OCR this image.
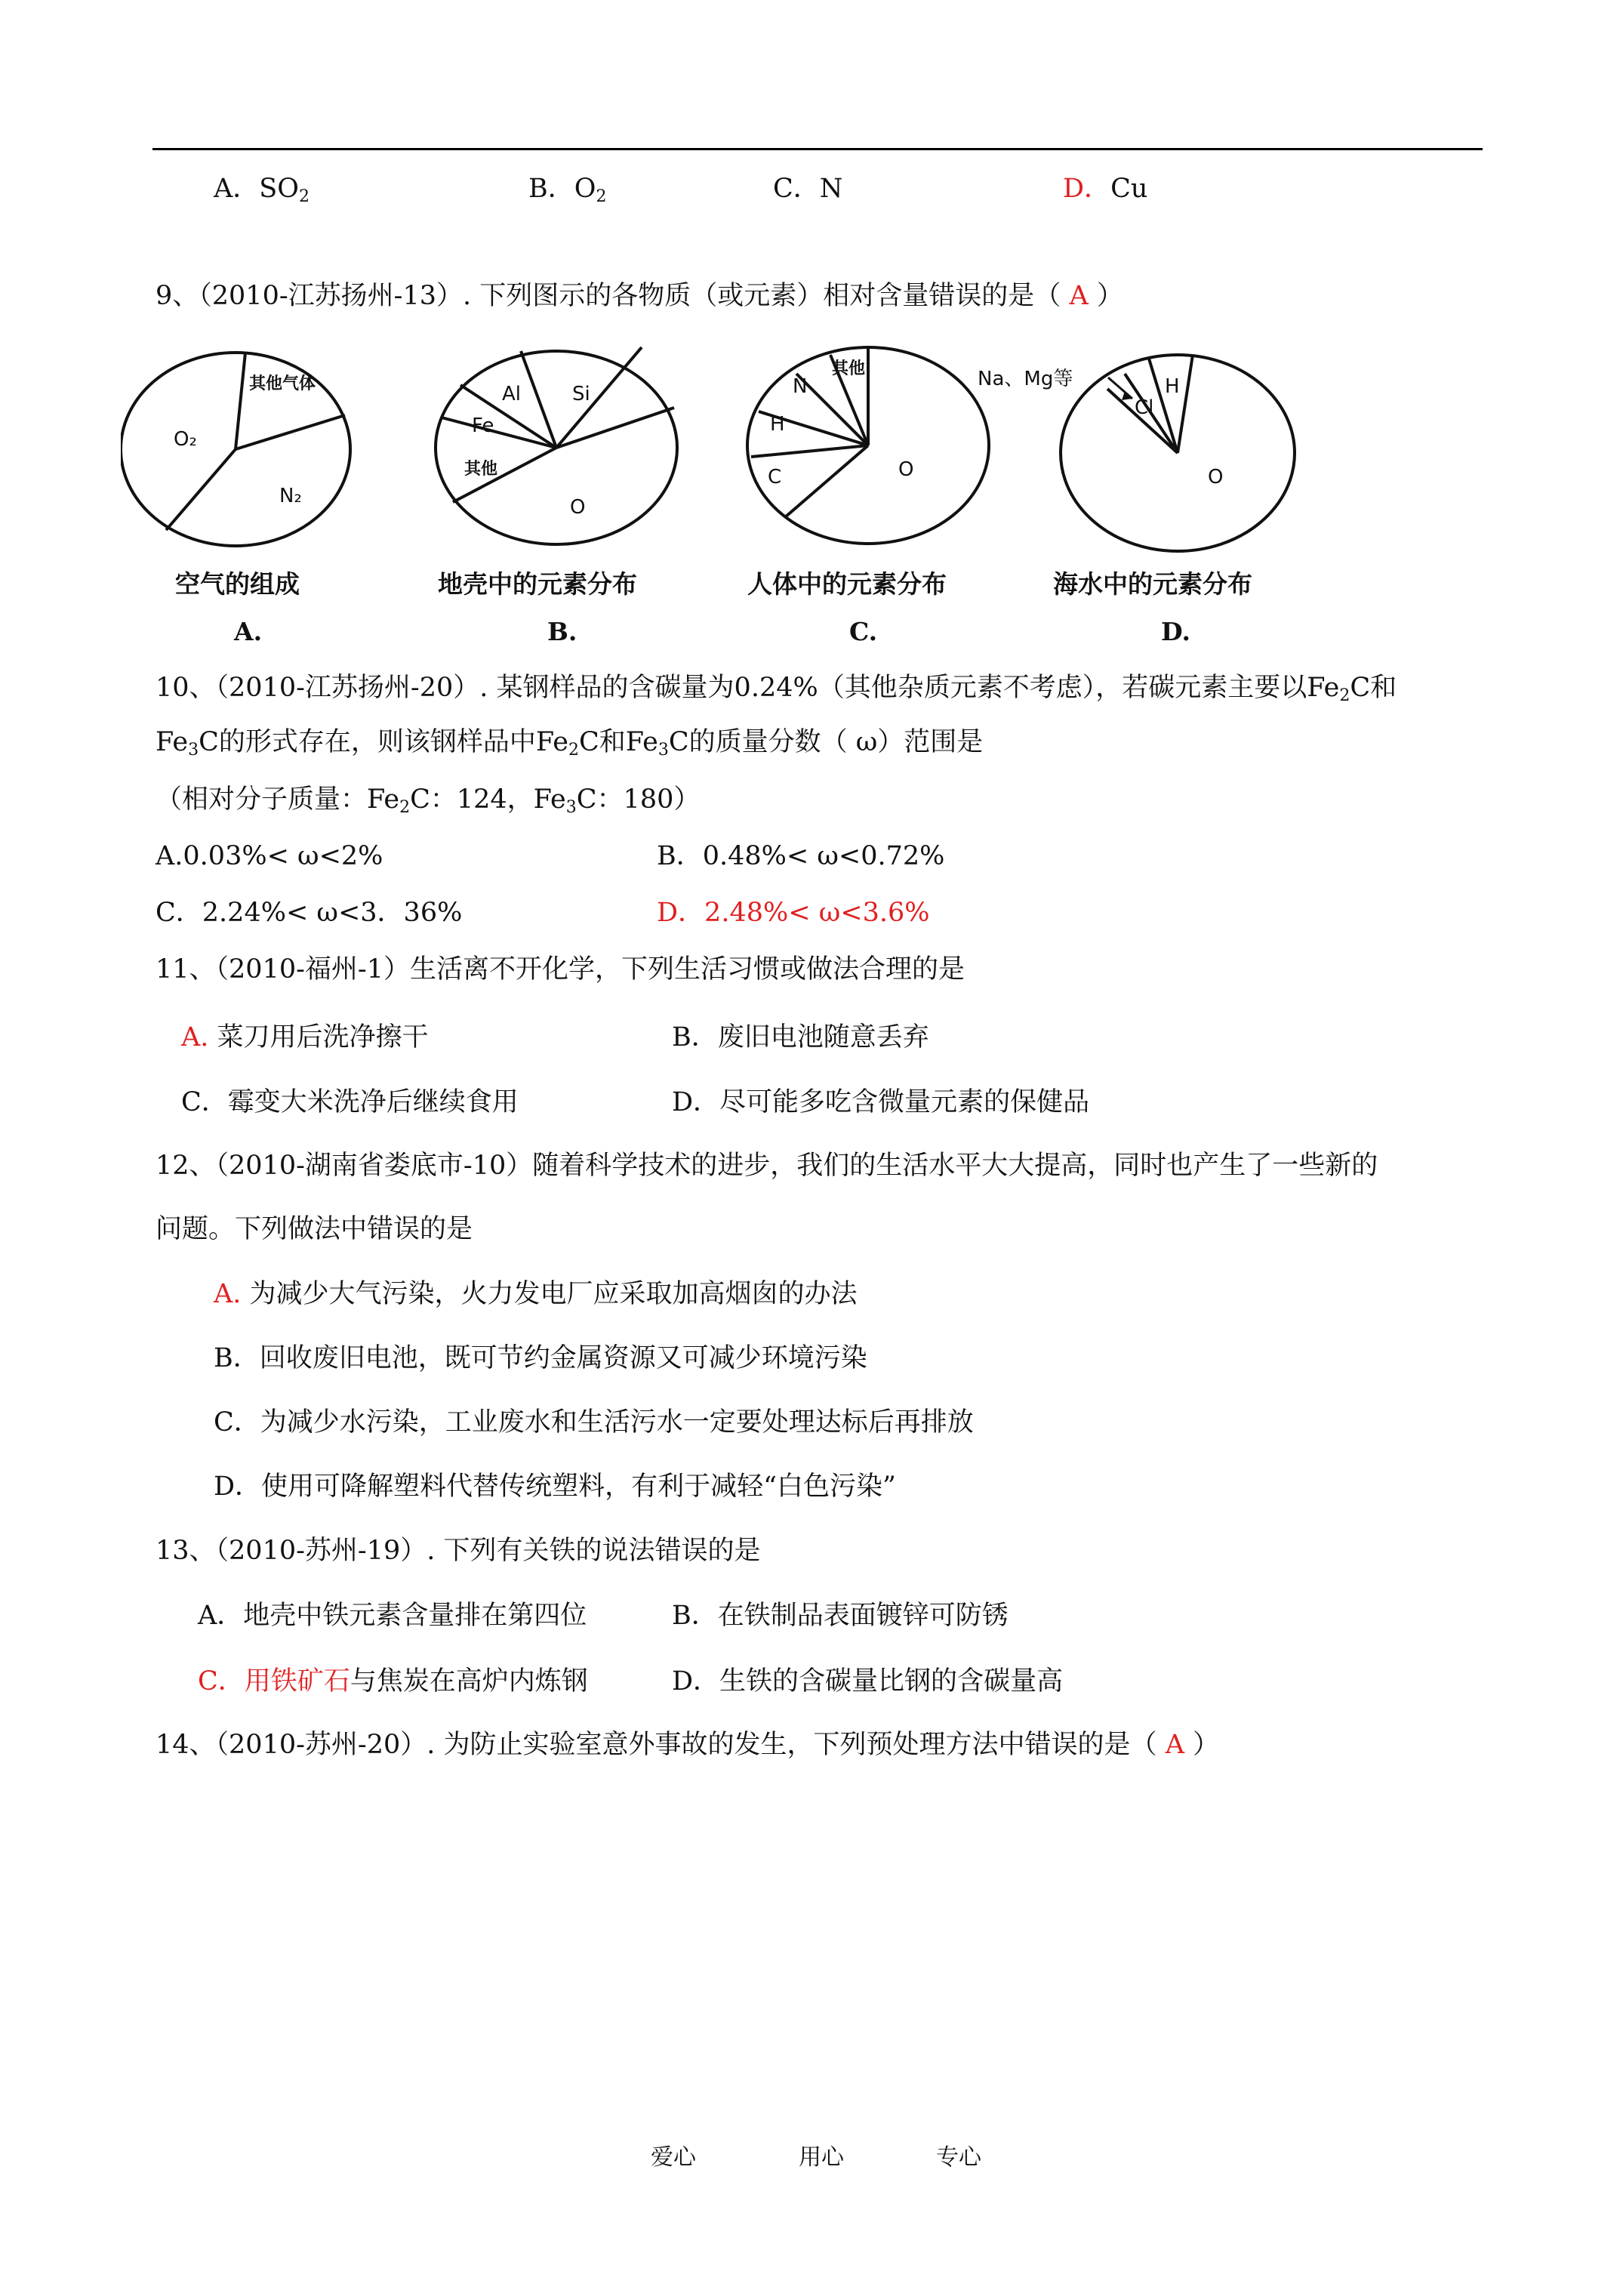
A．$SO_2$	B．$O_2$	C．N	D．Cu
9、（2010-江苏扬州-13）. 下列图示的各物质（或元素）相对含量错误的是（ A ）
其他气体
O₂
N₂
空气的组成
A.
Al	Si
Fe
其他
O
地壳中的元素分布
B.
其他
N
H
C	O
人体中的元素分布
C.
Na、Mg等
Cl
H
O
海水中的元素分布
D.
10、（2010-江苏扬州-20）. 某钢样品的含碳量为0.24%（其他杂质元素不考虑），若碳元素主要以$Fe_2C$和
$Fe_3C$的形式存在，则该钢样品中$Fe_2C$和$Fe_3C$的质量分数（ ω）范围是
（相对分子质量：$Fe_2C$：124，$Fe_3C$：180）
A.0.03%< ω<2%	B．0.48%< ω<0.72%
C．2.24%< ω<3．36%	D．2.48%< ω<3.6%
11、（2010-福州-1）生活离不开化学，下列生活习惯或做法合理的是
A. 菜刀用后洗净擦干	B．废旧电池随意丢弃
C．霉变大米洗净后继续食用	D．尽可能多吃含微量元素的保健品
12、（2010-湖南省娄底市-10）随着科学技术的进步，我们的生活水平大大提高，同时也产生了一些新的
问题。下列做法中错误的是
A. 为减少大气污染，火力发电厂应采取加高烟囱的办法
B．回收废旧电池，既可节约金属资源又可减少环境污染
C．为减少水污染，工业废水和生活污水一定要处理达标后再排放
D．使用可降解塑料代替传统塑料，有利于减轻“白色污染”
13、（2010-苏州-19）. 下列有关铁的说法错误的是
A．地壳中铁元素含量排在第四位	B．在铁制品表面镀锌可防锈
C．用铁矿石与焦炭在高炉内炼钢	D．生铁的含碳量比钢的含碳量高
14、（2010-苏州-20）. 为防止实验室意外事故的发生，下列预处理方法中错误的是（ A ）
爱心	用心	专心
